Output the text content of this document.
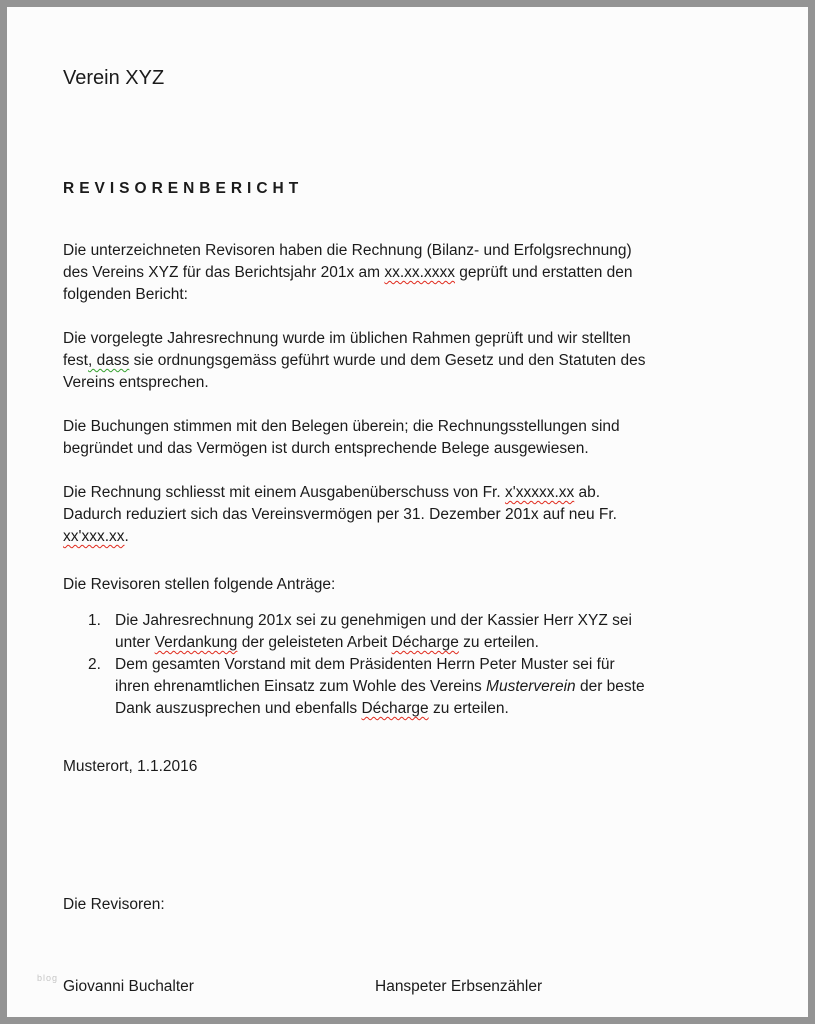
Verein XYZ
REVISORENBERICHT

Die unterzeichneten Revisoren haben die Rechnung (Bilanz- und Erfolgsrechnung)
des Vereins XYZ für das Berichtsjahr 201x am xx.xx.xxxx geprüft und erstatten den
folgenden Bericht:

Die vorgelegte Jahresrechnung wurde im üblichen Rahmen geprüft und wir stellten
fest, dass sie ordnungsgemäss geführt wurde und dem Gesetz und den Statuten des
Vereins entsprechen.

Die Buchungen stimmen mit den Belegen überein; die Rechnungsstellungen sind
begründet und das Vermögen ist durch entsprechende Belege ausgewiesen.

Die Rechnung schliesst mit einem Ausgabenüberschuss von Fr. x'xxxxx.xx ab.
Dadurch reduziert sich das Vereinsvermögen per 31. Dezember 201x auf neu Fr.
xx'xxx.xx.

Die Revisoren stellen folgende Anträge:

1. Die Jahresrechnung 201x sei zu genehmigen und der Kassier Herr XYZ sei
unter Verdankung der geleisteten Arbeit Décharge zu erteilen.
2. Dem gesamten Vorstand mit dem Präsidenten Herrn Peter Muster sei für
ihren ehrenamtlichen Einsatz zum Wohle des Vereins Musterverein der beste
Dank auszusprechen und ebenfalls Décharge zu erteilen.

Musterort, 1.1.2016

Die Revisoren:

Giovanni Buchalter	Hanspeter Erbsenzähler
blog
